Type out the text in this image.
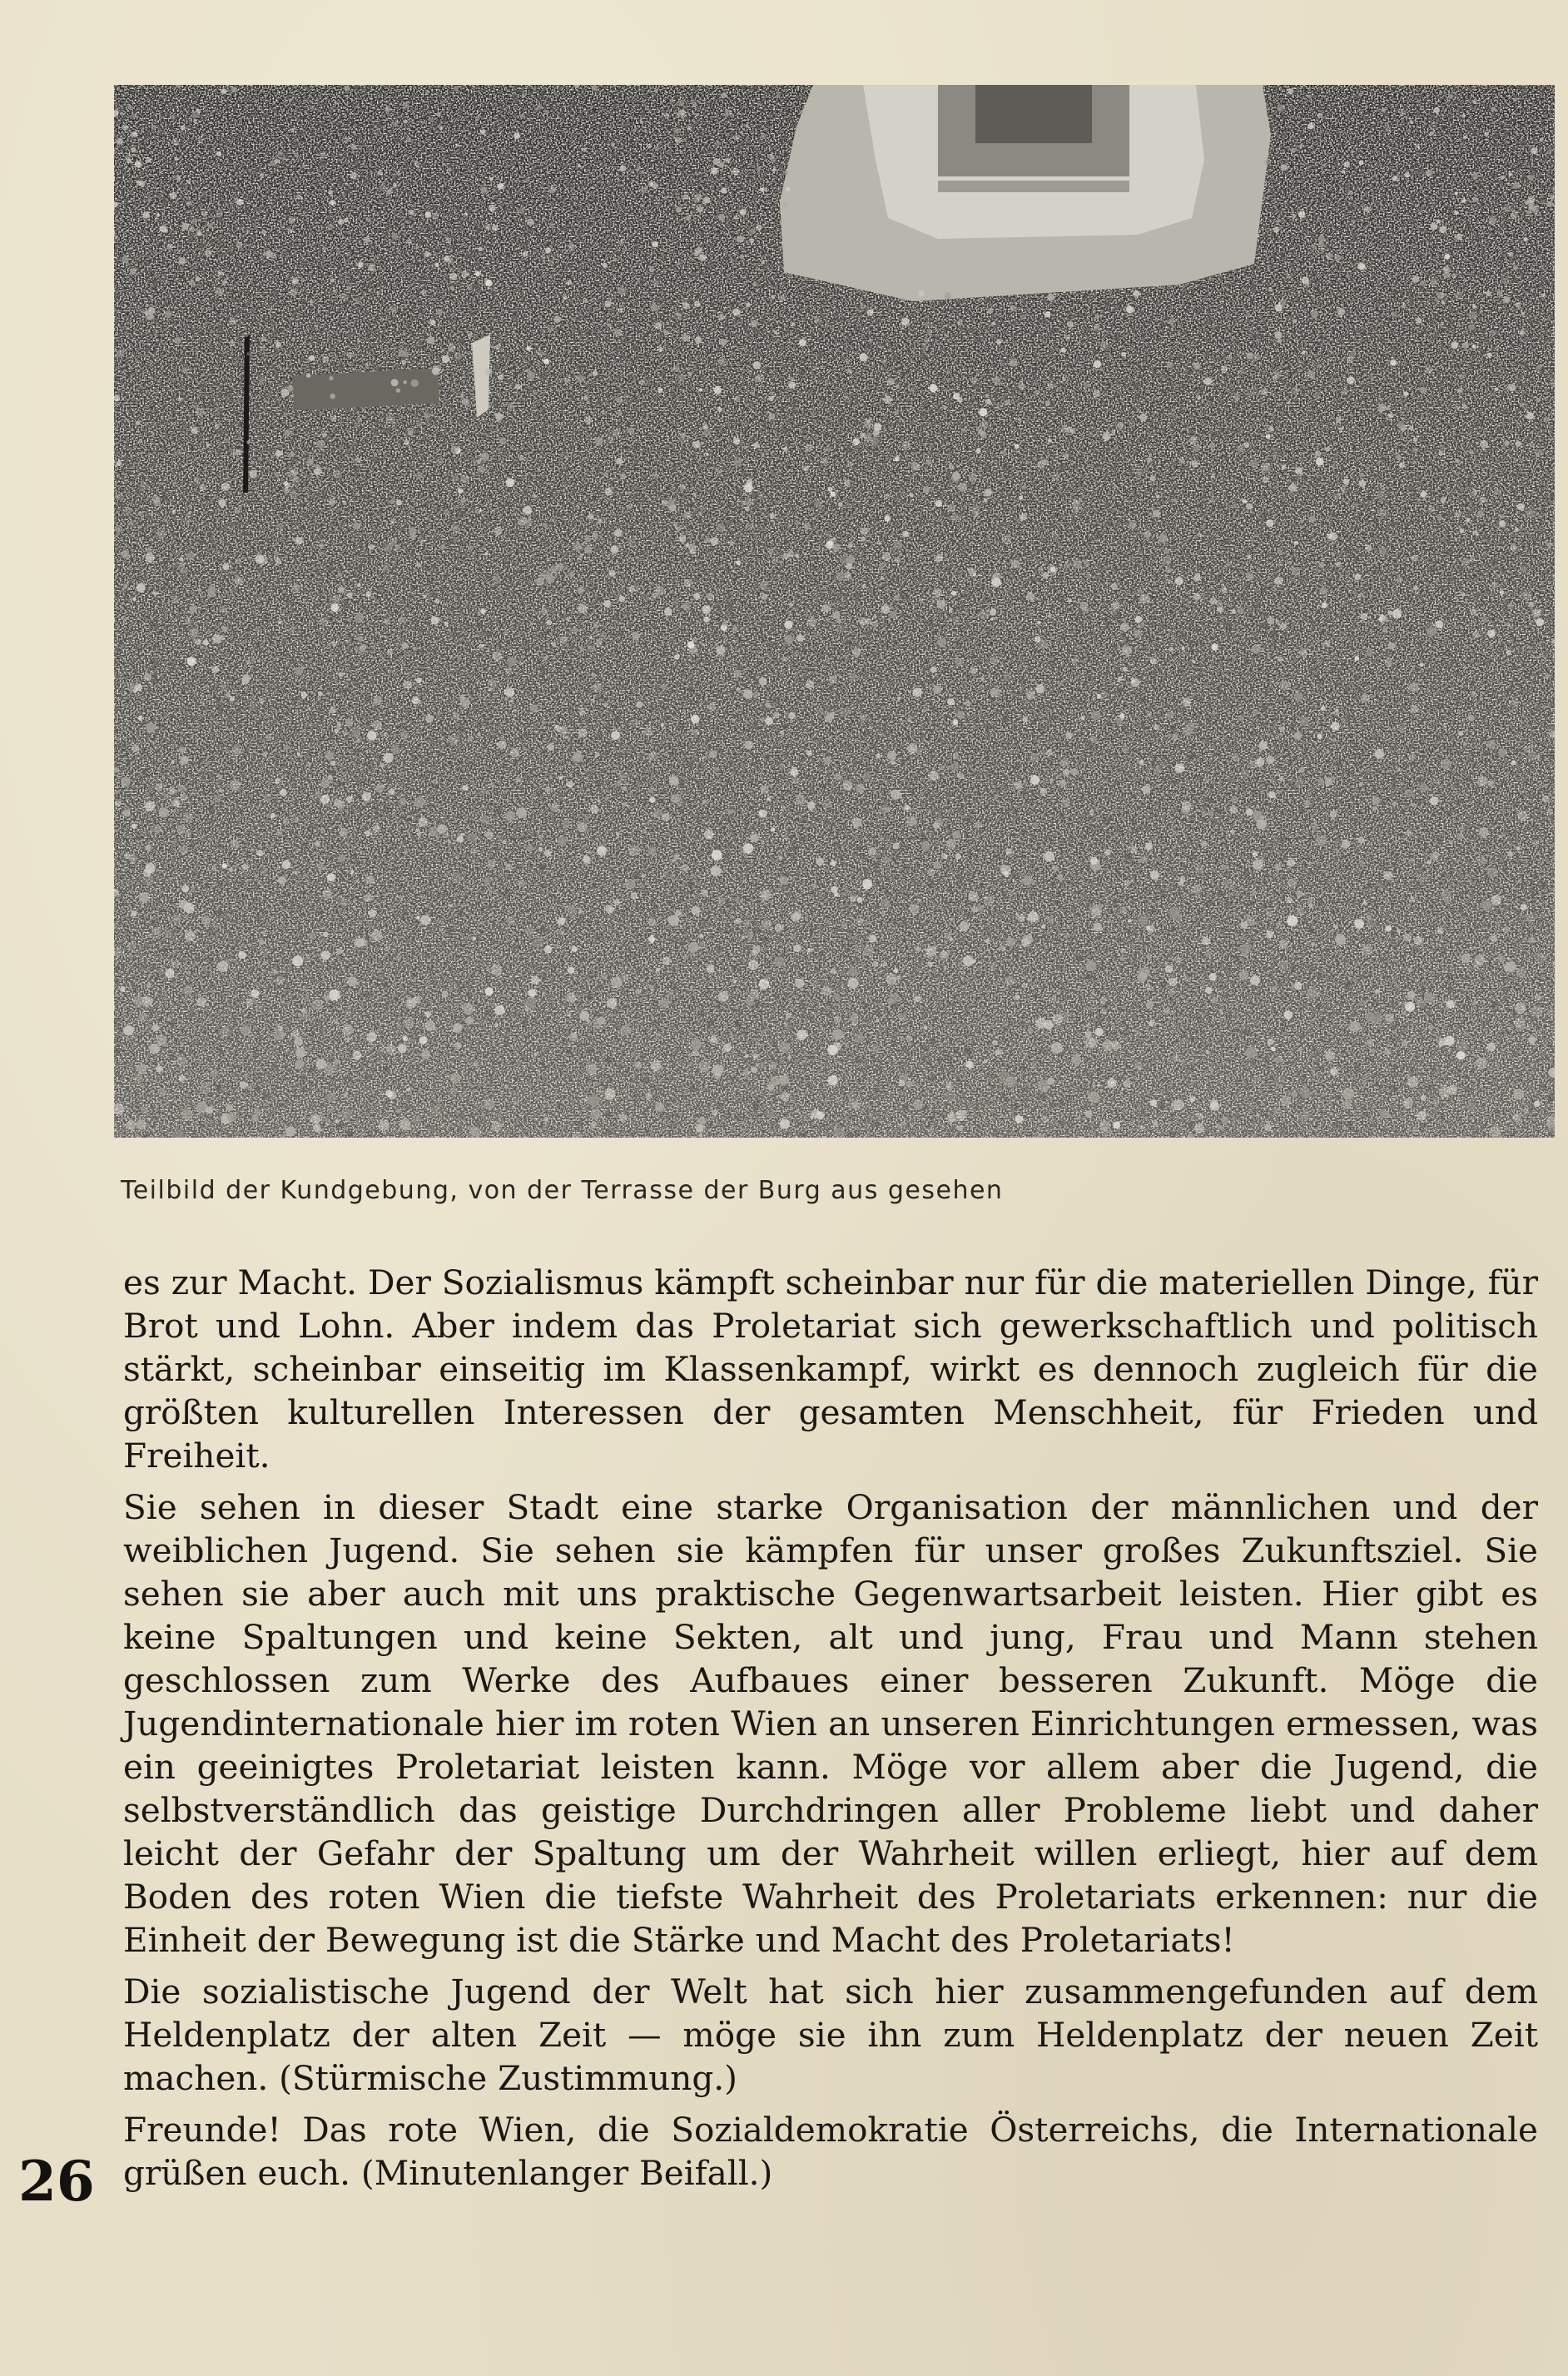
Teilbild der Kundgebung, von der Terrasse der Burg aus gesehen

es zur Macht. Der Sozialismus kämpft scheinbar nur für die materiellen Dinge, für Brot und Lohn. Aber indem das Proletariat sich gewerkschaftlich und politisch stärkt, scheinbar einseitig im Klassenkampf, wirkt es dennoch zugleich für die größten kulturellen Interessen der gesamten Menschheit, für Frieden und Freiheit.

Sie sehen in dieser Stadt eine starke Organisation der männlichen und der weiblichen Jugend. Sie sehen sie kämpfen für unser großes Zukunftsziel. Sie sehen sie aber auch mit uns praktische Gegenwartsarbeit leisten. Hier gibt es keine Spaltungen und keine Sekten, alt und jung, Frau und Mann stehen geschlossen zum Werke des Aufbaues einer besseren Zukunft. Möge die Jugendinternationale hier im roten Wien an unseren Einrichtungen ermessen, was ein geeinigtes Proletariat leisten kann. Möge vor allem aber die Jugend, die selbstverständlich das geistige Durchdringen aller Probleme liebt und daher leicht der Gefahr der Spaltung um der Wahrheit willen erliegt, hier auf dem Boden des roten Wien die tiefste Wahrheit des Proletariats erkennen: nur die Einheit der Bewegung ist die Stärke und Macht des Proletariats!

Die sozialistische Jugend der Welt hat sich hier zusammengefunden auf dem Heldenplatz der alten Zeit — möge sie ihn zum Heldenplatz der neuen Zeit machen. (Stürmische Zustimmung.)

Freunde! Das rote Wien, die Sozialdemokratie Österreichs, die Internationale grüßen euch. (Minutenlanger Beifall.)

26
